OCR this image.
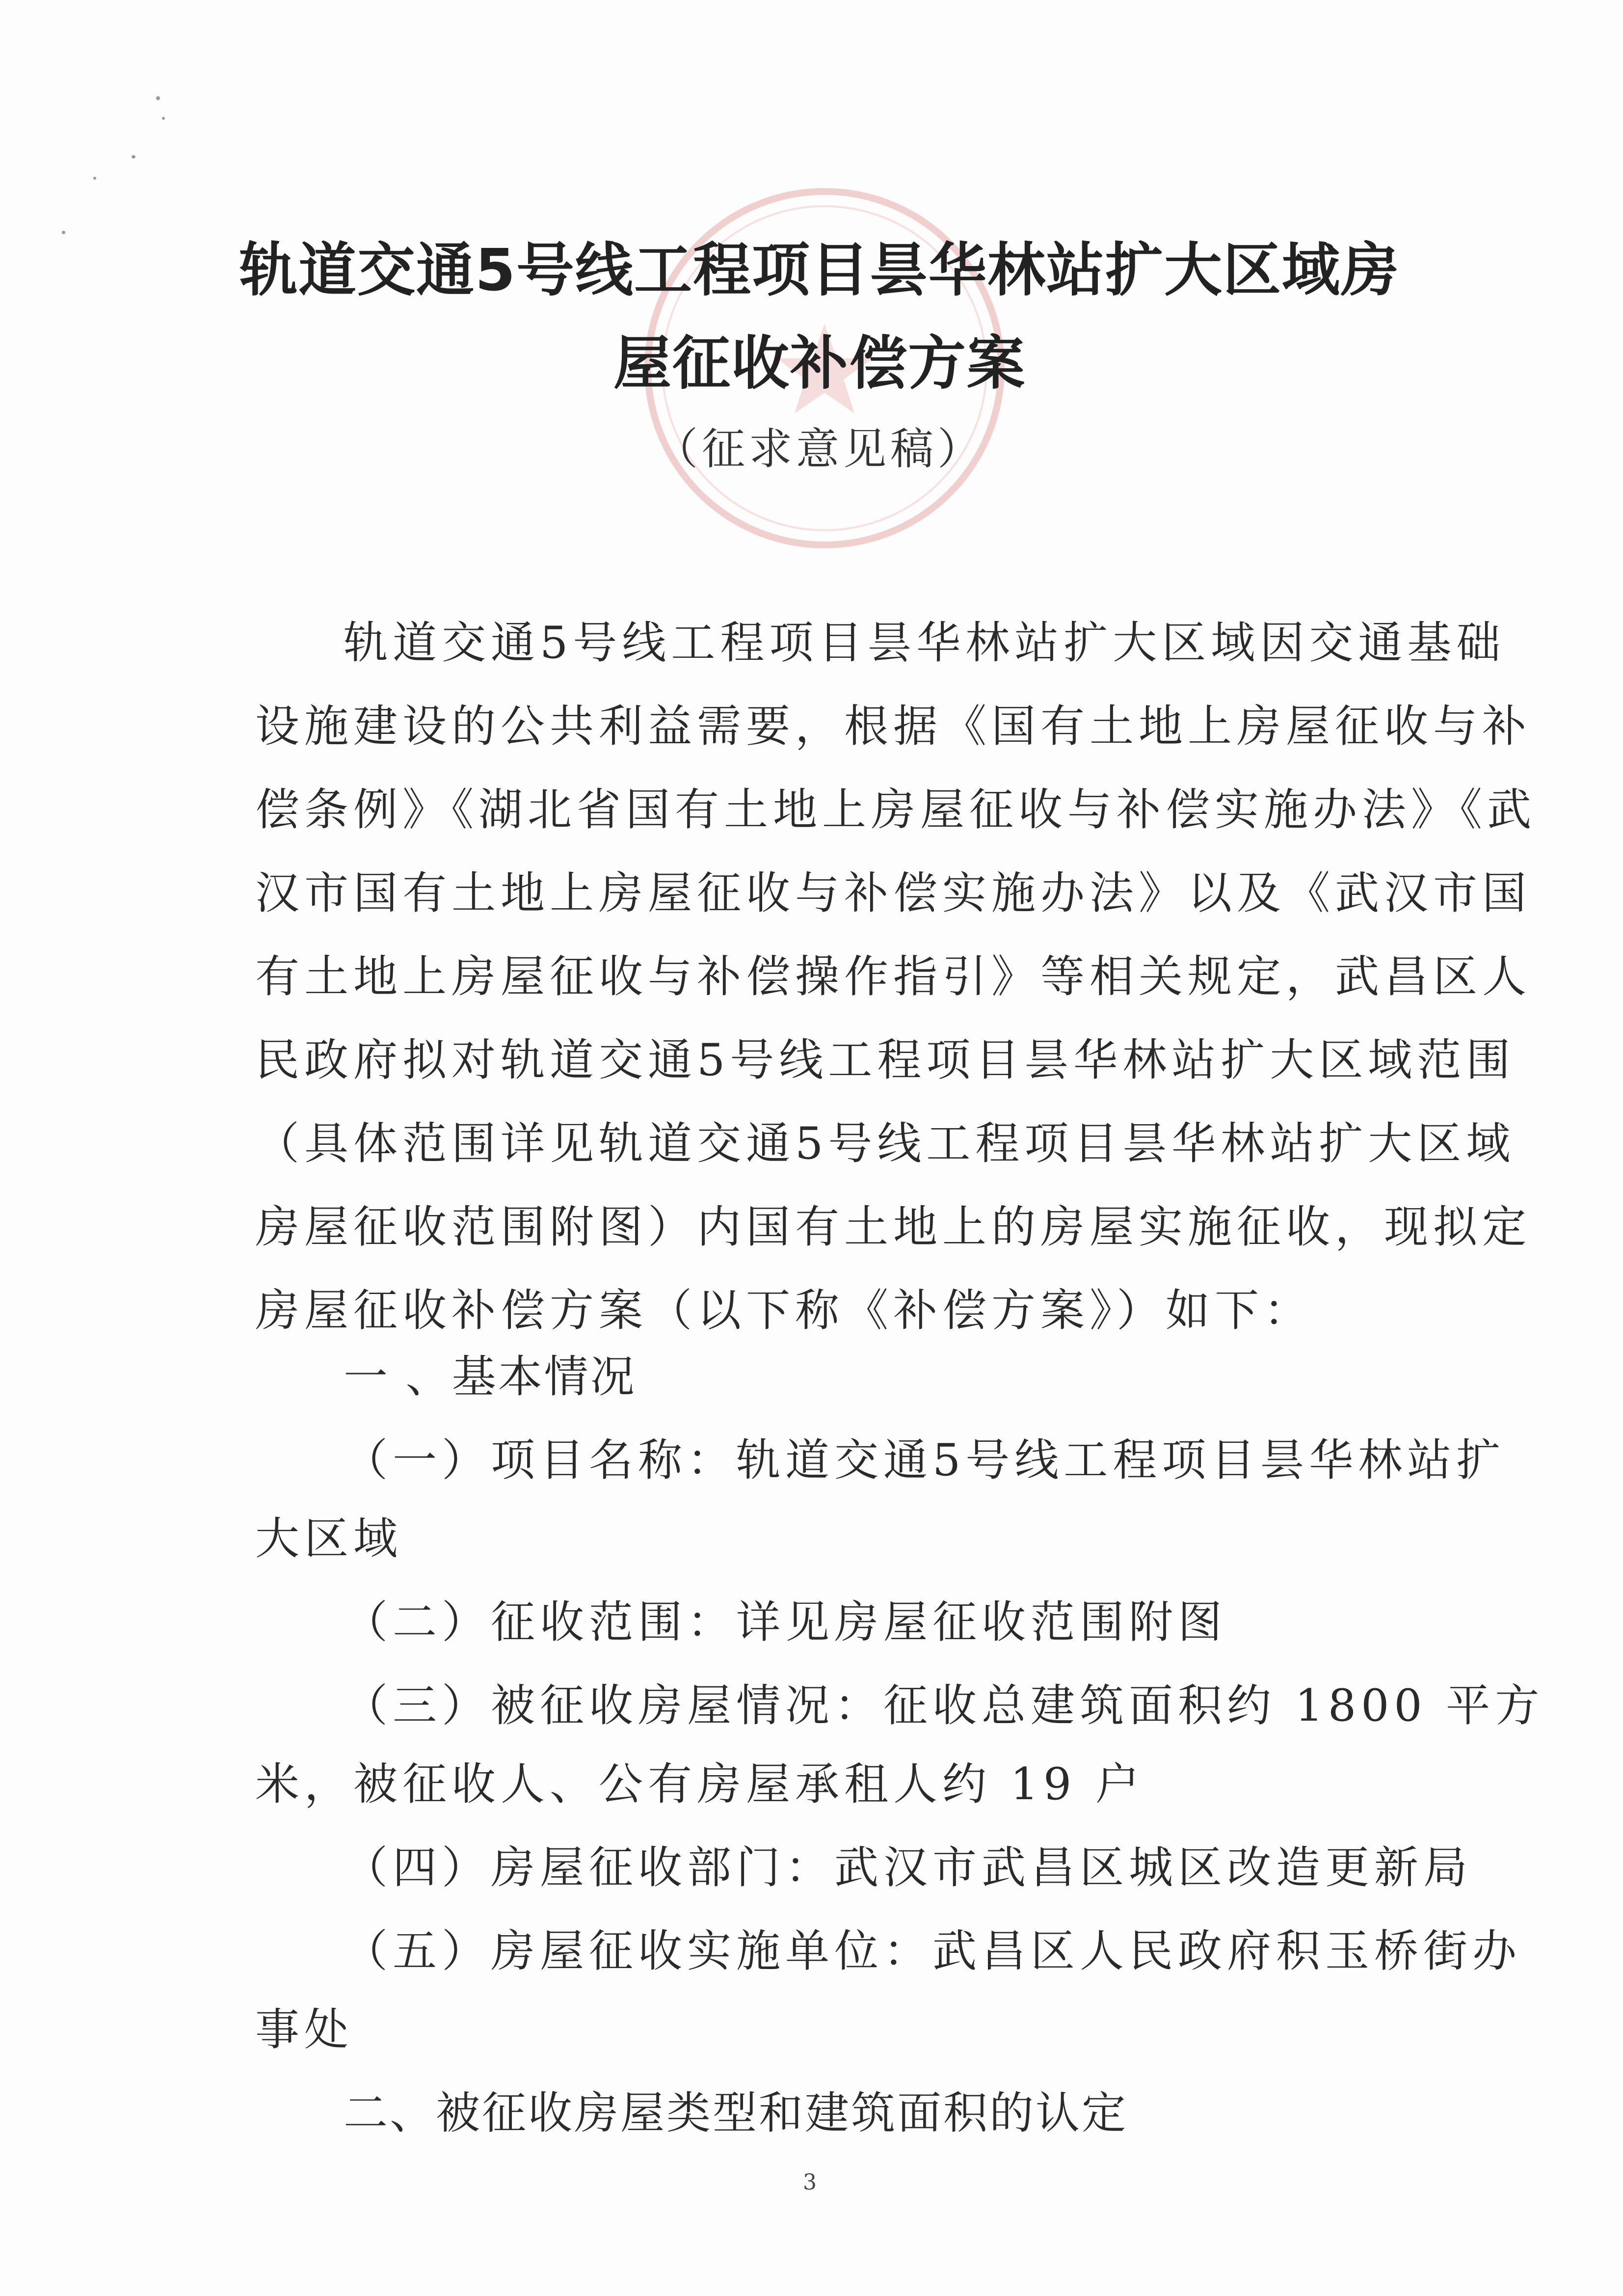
轨道交通5号线工程项目昙华林站扩大区域房
屋征收补偿方案
（征求意见稿）
轨道交通5号线工程项目昙华林站扩大区域因交通基础
设施建设的公共利益需要，根据《国有土地上房屋征收与补
偿条例》《湖北省国有土地上房屋征收与补偿实施办法》《武
汉市国有土地上房屋征收与补偿实施办法》以及《武汉市国
有土地上房屋征收与补偿操作指引》等相关规定，武昌区人
民政府拟对轨道交通5号线工程项目昙华林站扩大区域范围
（具体范围详见轨道交通5号线工程项目昙华林站扩大区域
房屋征收范围附图）内国有土地上的房屋实施征收，现拟定
房屋征收补偿方案（以下称《补偿方案》）如下：
一 、基本情况
（一）项目名称：轨道交通5号线工程项目昙华林站扩
大区域
（二）征收范围：详见房屋征收范围附图
（三）被征收房屋情况：征收总建筑面积约 1800 平方
米，被征收人、公有房屋承租人约 19 户
（四）房屋征收部门：武汉市武昌区城区改造更新局
（五）房屋征收实施单位：武昌区人民政府积玉桥街办
事处
二、被征收房屋类型和建筑面积的认定
3
